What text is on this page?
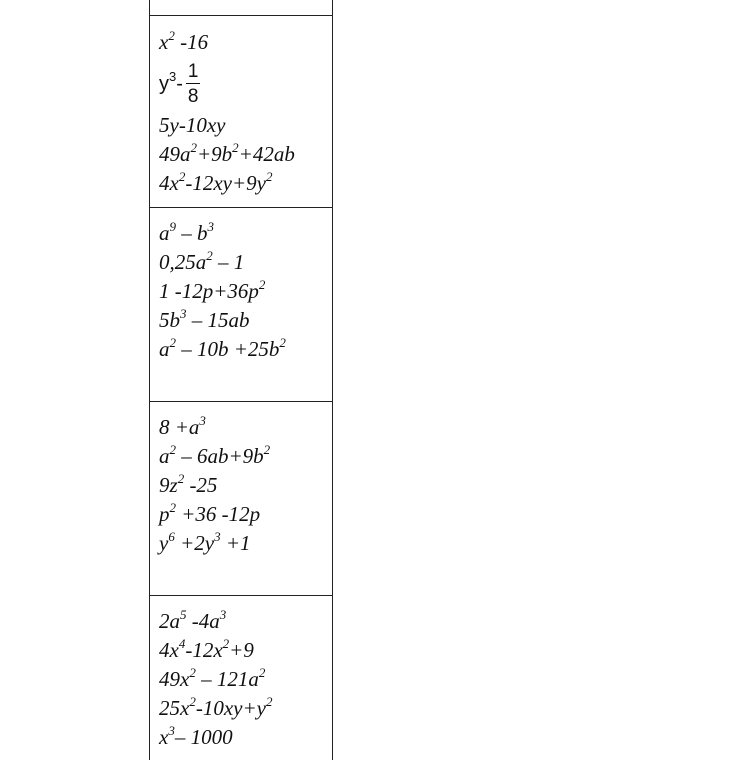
$x^2$ -16
$y^3 - \frac{1}{8}$
5y-10xy
$49a^2+9b^2+42ab$
$4x^2-12xy+9y^2$
$a^9 - b^3$
$0,25a^2 - 1$
1 $-12p+36p^2$
$5b^3 - 15ab$
$a^2 - 10b +25b^2$
$8 +a^3$
$a^2 - 6ab+9b^2$
$9z^2$ -25
$p^2 +36$ -12p
$y^6 +2y^3 +1$
$2a^5$ $-4a^3$
$4x^4-12x^2+9$
$49x^2 - 121a^2$
$25x^2-10xy+y^2$
$x^3-$ 1000
